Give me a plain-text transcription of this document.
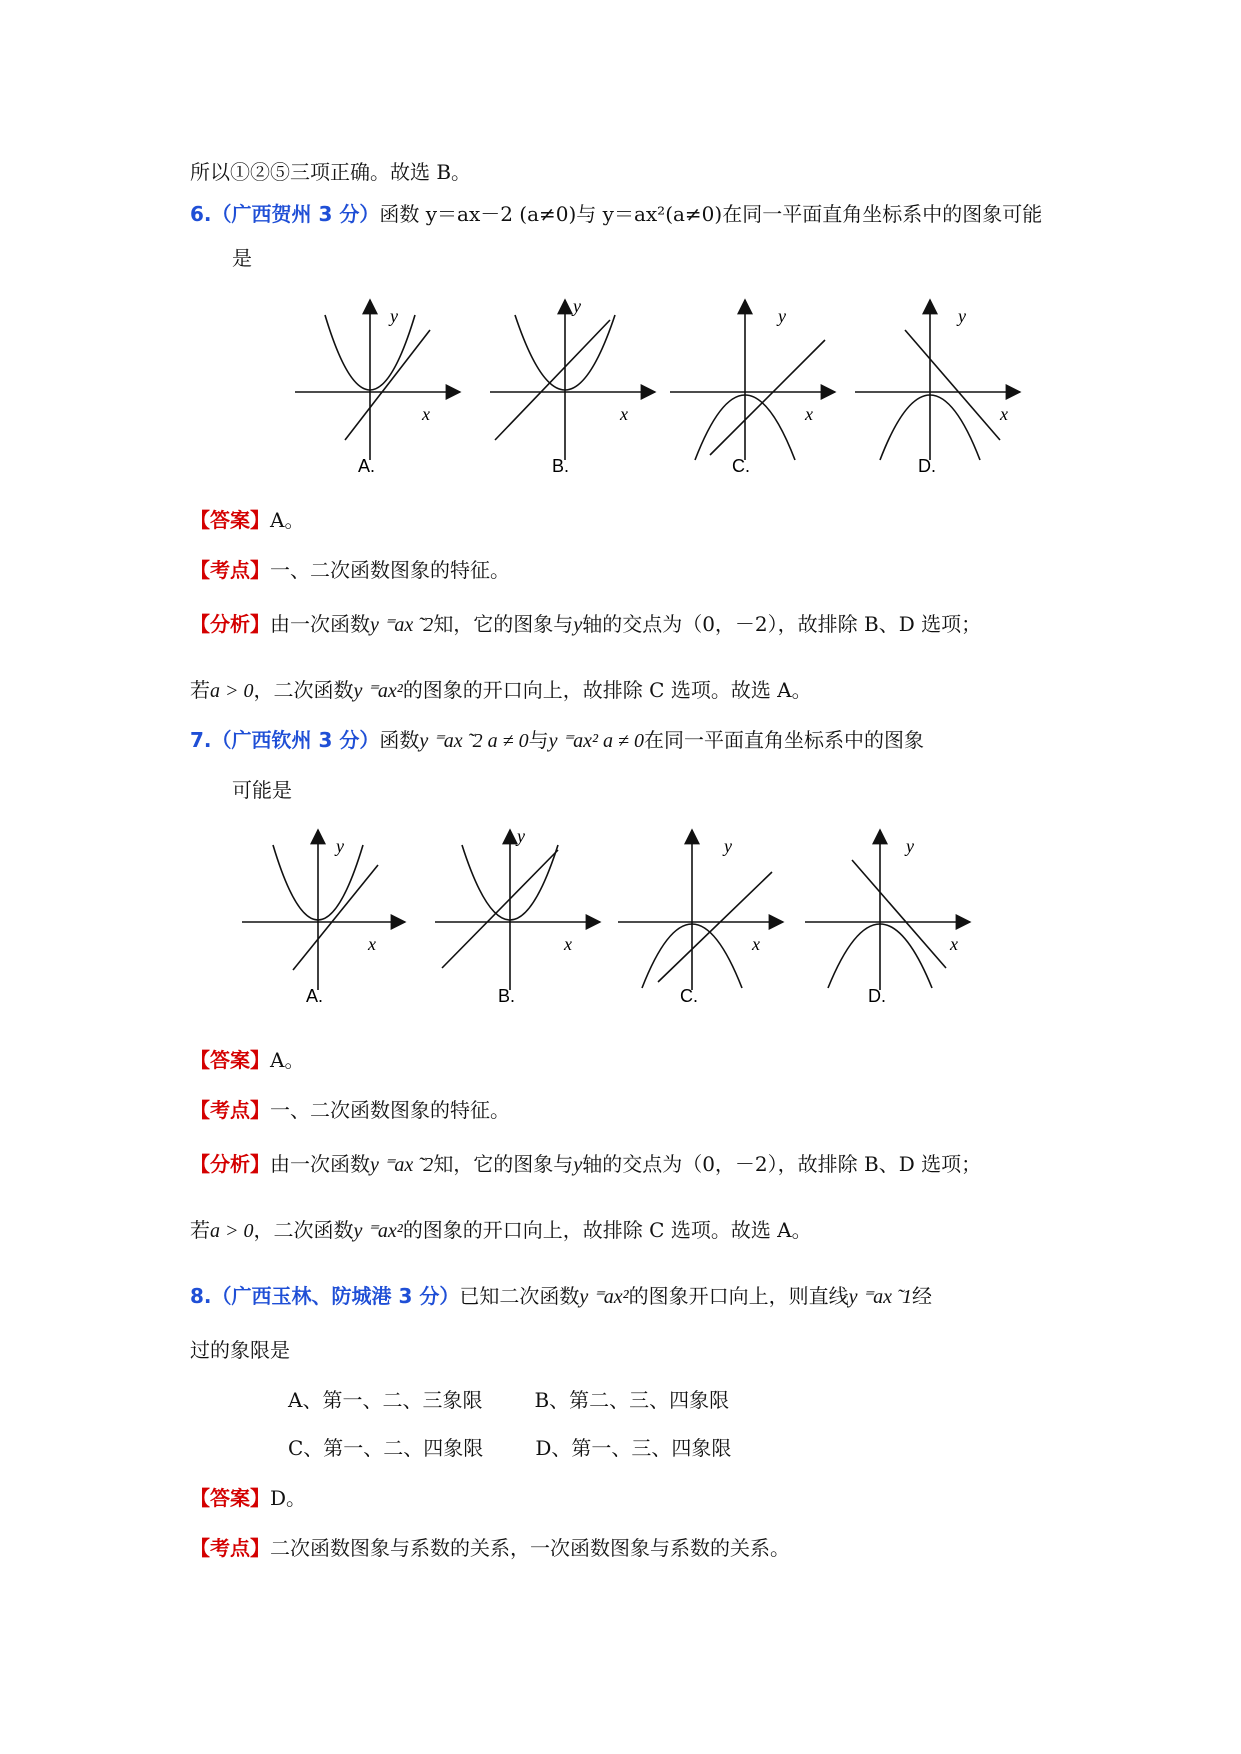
所以①②⑤三项正确。故选 B。
6.（广西贺州 3 分）函数 y＝ax－2 (a≠0)与 y＝ax²(a≠0)在同一平面直角坐标系中的图象可能
是
y
x
y
x
y
x
y
x
A.	B.	C.	D.
【答案】A。
【考点】一、二次函数图象的特征。
【分析】由一次函数y ⁼ax ̃ 2知，它的图象与y轴的交点为（0，－2），故排除 B、D 选项；
若a > 0，二次函数y ⁼ax²的图象的开口向上，故排除 C 选项。故选 A。
7.（广西钦州 3 分）函数y ⁼ax ̃ 2 a ≠ 0与y ⁼ax² a ≠ 0在同一平面直角坐标系中的图象
可能是
y
x
y
x
y
x
y
x
A.	B.	C.	D.
【答案】A。
【考点】一、二次函数图象的特征。
【分析】由一次函数y ⁼ax ̃ 2知，它的图象与y轴的交点为（0，－2），故排除 B、D 选项；
若a > 0，二次函数y ⁼ax²的图象的开口向上，故排除 C 选项。故选 A。
8.（广西玉林、防城港 3 分）已知二次函数y ⁼ax²的图象开口向上，则直线y ⁼ax ̃ 1经
过的象限是
A、第一、二、三象限	B、第二、三、四象限
C、第一、二、四象限	D、第一、三、四象限
【答案】D。
【考点】二次函数图象与系数的关系，一次函数图象与系数的关系。
